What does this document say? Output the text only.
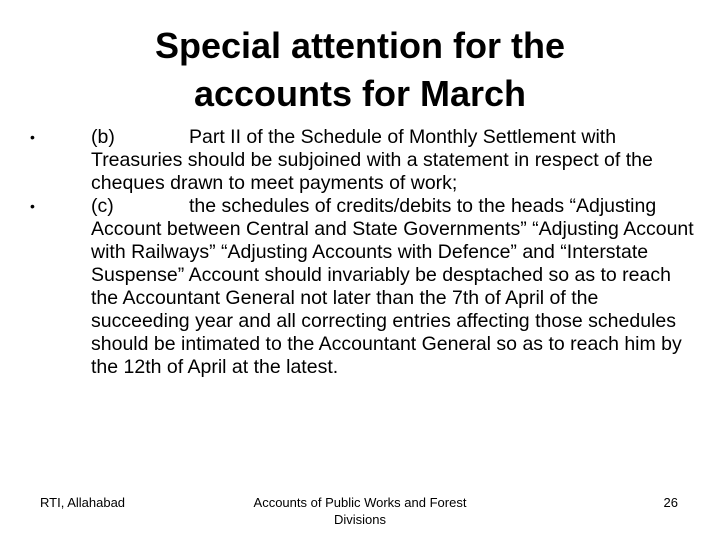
Special attention for the
accounts for March

•	(b)	Part II of the Schedule of Monthly Settlement with Treasuries should be subjoined with a statement in respect of the cheques drawn to meet payments of work;

•	(c)	the schedules of credits/debits to the heads “Adjusting Account between Central and State Governments” “Adjusting Account with Railways” “Adjusting Accounts with Defence” and “Interstate Suspense” Account should invariably be desptached so as to reach the Accountant General not later than the 7th of April of the succeeding year and all correcting entries affecting those schedules should be intimated to the Accountant General so as to reach him by the 12th of April at the latest.

RTI, Allahabad	Accounts of Public Works and Forest Divisions
26
